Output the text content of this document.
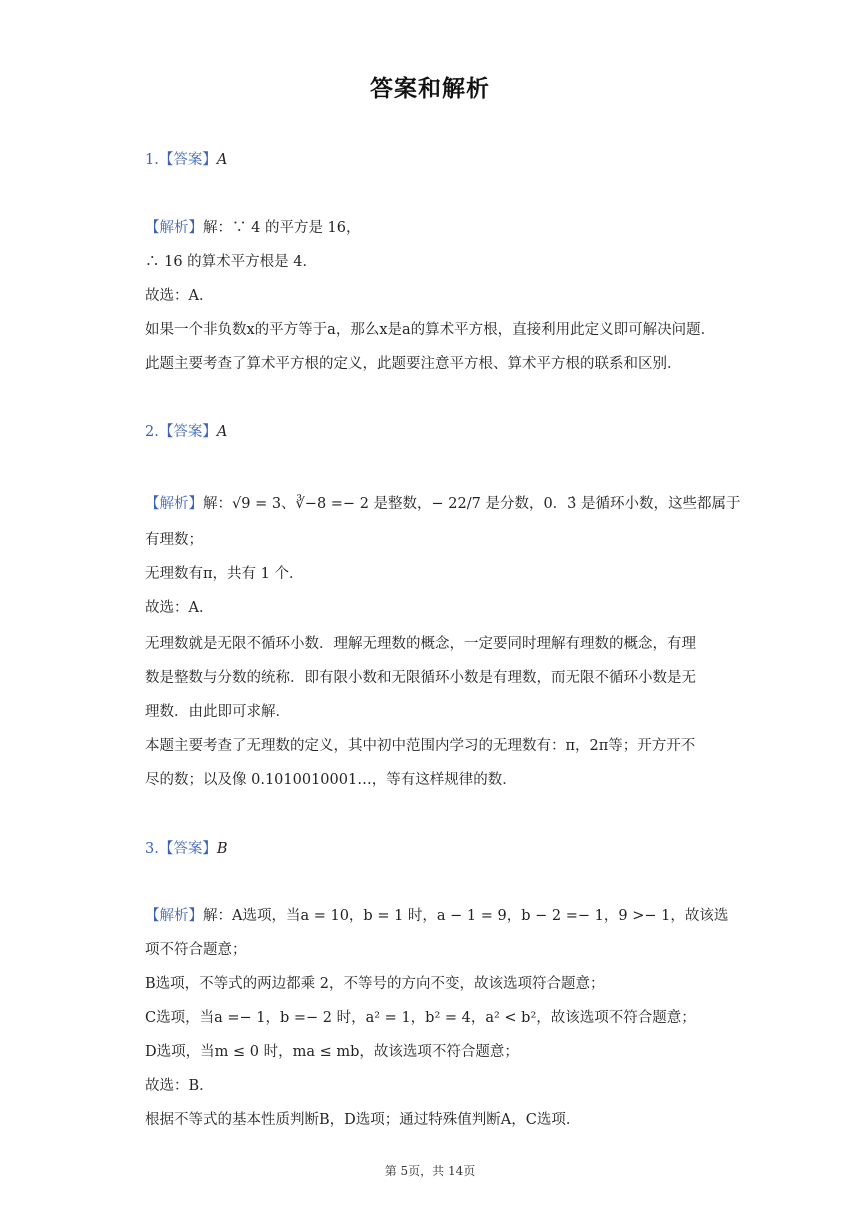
答案和解析
1.【答案】A
【解析】解：∵ 4 的平方是 16，
∴ 16 的算术平方根是 4．
故选：A．
如果一个非负数x的平方等于a，那么x是a的算术平方根，直接利用此定义即可解决问题．
此题主要考查了算术平方根的定义，此题要注意平方根、算术平方根的联系和区别．
2.【答案】A
【解析】解：√9 = 3、∛−8 =− 2 是整数，− 22/7 是分数，0．3̇ 是循环小数，这些都属于
有理数；
无理数有π，共有 1 个．
故选：A．
无理数就是无限不循环小数．理解无理数的概念，一定要同时理解有理数的概念，有理
数是整数与分数的统称．即有限小数和无限循环小数是有理数，而无限不循环小数是无
理数．由此即可求解．
本题主要考查了无理数的定义，其中初中范围内学习的无理数有：π，2π等；开方开不
尽的数；以及像 0.1010010001…，等有这样规律的数．
3.【答案】B
【解析】解：A选项，当a = 10，b = 1 时，a − 1 = 9，b − 2 =− 1，9 >− 1，故该选
项不符合题意；
B选项，不等式的两边都乘 2，不等号的方向不变，故该选项符合题意；
C选项，当a =− 1，b =− 2 时，a² = 1，b² = 4，a² < b²，故该选项不符合题意；
D选项，当m ≤ 0 时，ma ≤ mb，故该选项不符合题意；
故选：B．
根据不等式的基本性质判断B，D选项；通过特殊值判断A，C选项．
第 5页，共 14页
